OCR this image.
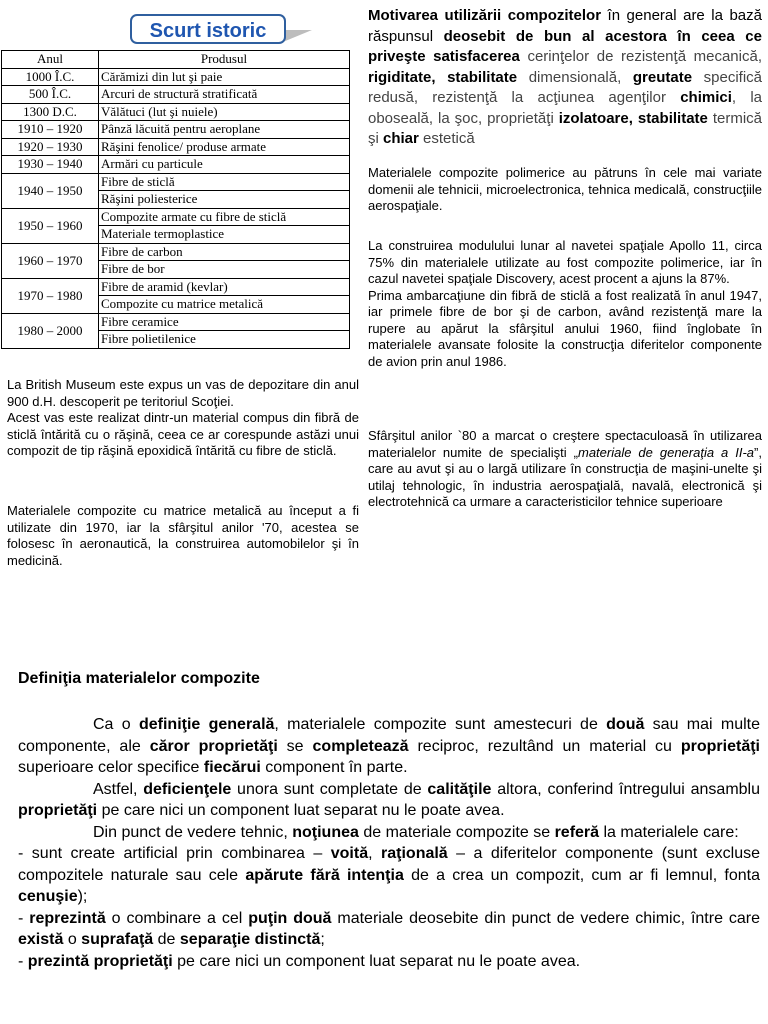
Scurt istoric
Anul	Produsul
1000 Î.C.	Cărămizi din lut şi paie
500 Î.C.	Arcuri de structură stratificată
1300 D.C.	Vălătuci (lut şi nuiele)
1910 – 1920	Pânză lăcuită pentru aeroplane
1920 – 1930	Răşini fenolice/ produse armate
1930 – 1940	Armări cu particule
1940 – 1950	Fibre de sticlă
	Răşini poliesterice
1950 – 1960	Compozite armate cu fibre de sticlă
	Materiale termoplastice
1960 – 1970	Fibre de carbon
	Fibre de bor
1970 – 1980	Fibre de aramid (kevlar)
	Compozite cu matrice metalică
1980 – 2000	Fibre ceramice
	Fibre polietilenice

La British Museum este expus un vas de depozitare din anul 900 d.H. descoperit pe teritoriul Scoţiei.

Acest vas este realizat dintr-un material compus din fibră de sticlă întărită cu o răşină, ceea ce ar corespunde astăzi unui compozit de tip răşină epoxidică întărită cu fibre de sticlă.

Materialele compozite cu matrice metalică au început a fi utilizate din 1970, iar la sfârşitul anilor '70, acestea se folosesc în aeronautică, la construirea automobilelor şi în medicină.

Motivarea utilizării compozitelor în general are la bază răspunsul deosebit de bun al acestora în ceea ce priveşte satisfacerea cerinţelor de rezistenţă mecanică, rigiditate, stabilitate dimensională, greutate specifică redusă, rezistenţă la acţiunea agenţilor chimici, la oboseală, la şoc, proprietăţi izolatoare, stabilitate termică şi chiar estetică

Materialele compozite polimerice au pătruns în cele mai variate domenii ale tehnicii, microelectronica, tehnica medicală, construcţiile aerospaţiale.

La construirea modulului lunar al navetei spaţiale Apollo 11, circa 75% din materialele utilizate au fost compozite polimerice, iar în cazul navetei spaţiale Discovery, acest procent a ajuns la 87%.

Prima ambarcaţiune din fibră de sticlă a fost realizată în anul 1947, iar primele fibre de bor şi de carbon, având rezistenţă mare la rupere au apărut la sfârşitul anului 1960, fiind înglobate în materialele avansate folosite la construcţia diferitelor componente de avion prin anul 1986.

Sfârşitul anilor `80 a marcat o creştere spectaculoasă în utilizarea materialelor numite de specialişti „materiale de generaţia a II-a”, care au avut şi au o largă utilizare în construcţia de maşini-unelte şi utilaj tehnologic, în industria aerospaţială, navală, electronică şi electrotehnică ca urmare a caracteristicilor tehnice superioare

Definiţia materialelor compozite

Ca o definiţie generală, materialele compozite sunt amestecuri de două sau mai multe componente, ale căror proprietăţi se completează reciproc, rezultând un material cu proprietăţi superioare celor specifice fiecărui component în parte.

Astfel, deficienţele unora sunt completate de calităţile altora, conferind întregului ansamblu proprietăţi pe care nici un component luat separat nu le poate avea.

Din punct de vedere tehnic, noţiunea de materiale compozite se referă la materialele care:

- sunt create artificial prin combinarea – voită, raţională – a diferitelor componente (sunt excluse compozitele naturale sau cele apărute fără intenţia de a crea un compozit, cum ar fi lemnul, fonta cenuşie);

- reprezintă o combinare a cel puţin două materiale deosebite din punct de vedere chimic, între care există o suprafaţă de separaţie distinctă;

- prezintă proprietăţi pe care nici un component luat separat nu le poate avea.
